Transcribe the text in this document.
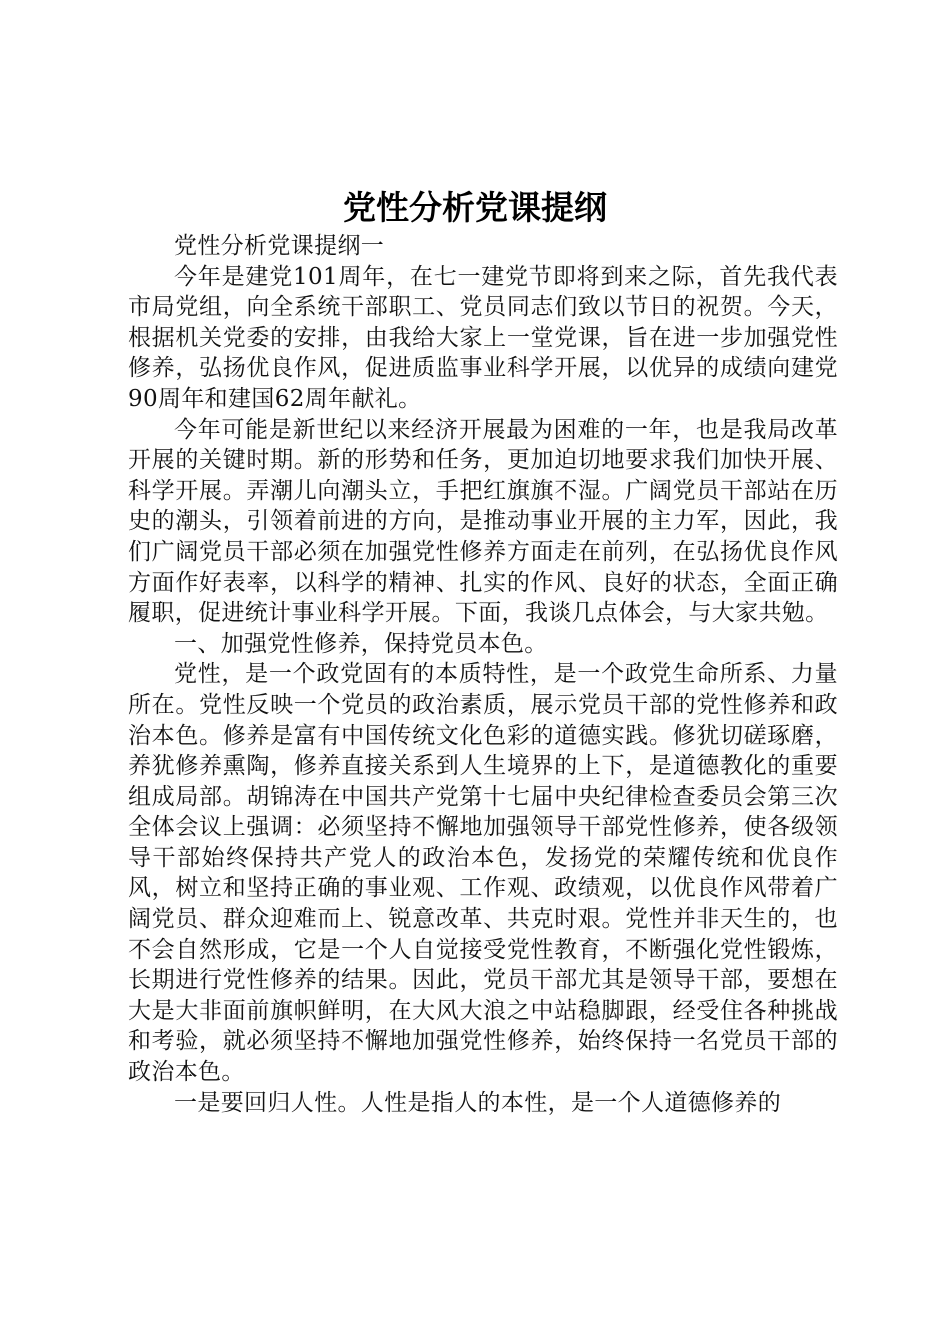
党性分析党课提纲

党性分析党课提纲一

今年是建党101周年，在七一建党节即将到来之际，首先我代表市局党组，向全系统干部职工、党员同志们致以节日的祝贺。今天，根据机关党委的安排，由我给大家上一堂党课，旨在进一步加强党性修养，弘扬优良作风，促进质监事业科学开展，以优异的成绩向建党90周年和建国62周年献礼。

今年可能是新世纪以来经济开展最为困难的一年，也是我局改革开展的关键时期。新的形势和任务，更加迫切地要求我们加快开展、科学开展。弄潮儿向潮头立，手把红旗旗不湿。广阔党员干部站在历史的潮头，引领着前进的方向，是推动事业开展的主力军，因此，我们广阔党员干部必须在加强党性修养方面走在前列，在弘扬优良作风方面作好表率，以科学的精神、扎实的作风、良好的状态，全面正确履职，促进统计事业科学开展。下面，我谈几点体会，与大家共勉。

一、加强党性修养，保持党员本色。

党性，是一个政党固有的本质特性，是一个政党生命所系、力量所在。党性反映一个党员的政治素质，展示党员干部的党性修养和政治本色。修养是富有中国传统文化色彩的道德实践。修犹切磋琢磨，养犹修养熏陶，修养直接关系到人生境界的上下，是道德教化的重要组成局部。胡锦涛在中国共产党第十七届中央纪律检查委员会第三次全体会议上强调：必须坚持不懈地加强领导干部党性修养，使各级领导干部始终保持共产党人的政治本色，发扬党的荣耀传统和优良作风，树立和坚持正确的事业观、工作观、政绩观，以优良作风带着广阔党员、群众迎难而上、锐意改革、共克时艰。党性并非天生的，也不会自然形成，它是一个人自觉接受党性教育，不断强化党性锻炼，长期进行党性修养的结果。因此，党员干部尤其是领导干部，要想在大是大非面前旗帜鲜明，在大风大浪之中站稳脚跟，经受住各种挑战和考验，就必须坚持不懈地加强党性修养，始终保持一名党员干部的政治本色。

一是要回归人性。人性是指人的本性，是一个人道德修养的
